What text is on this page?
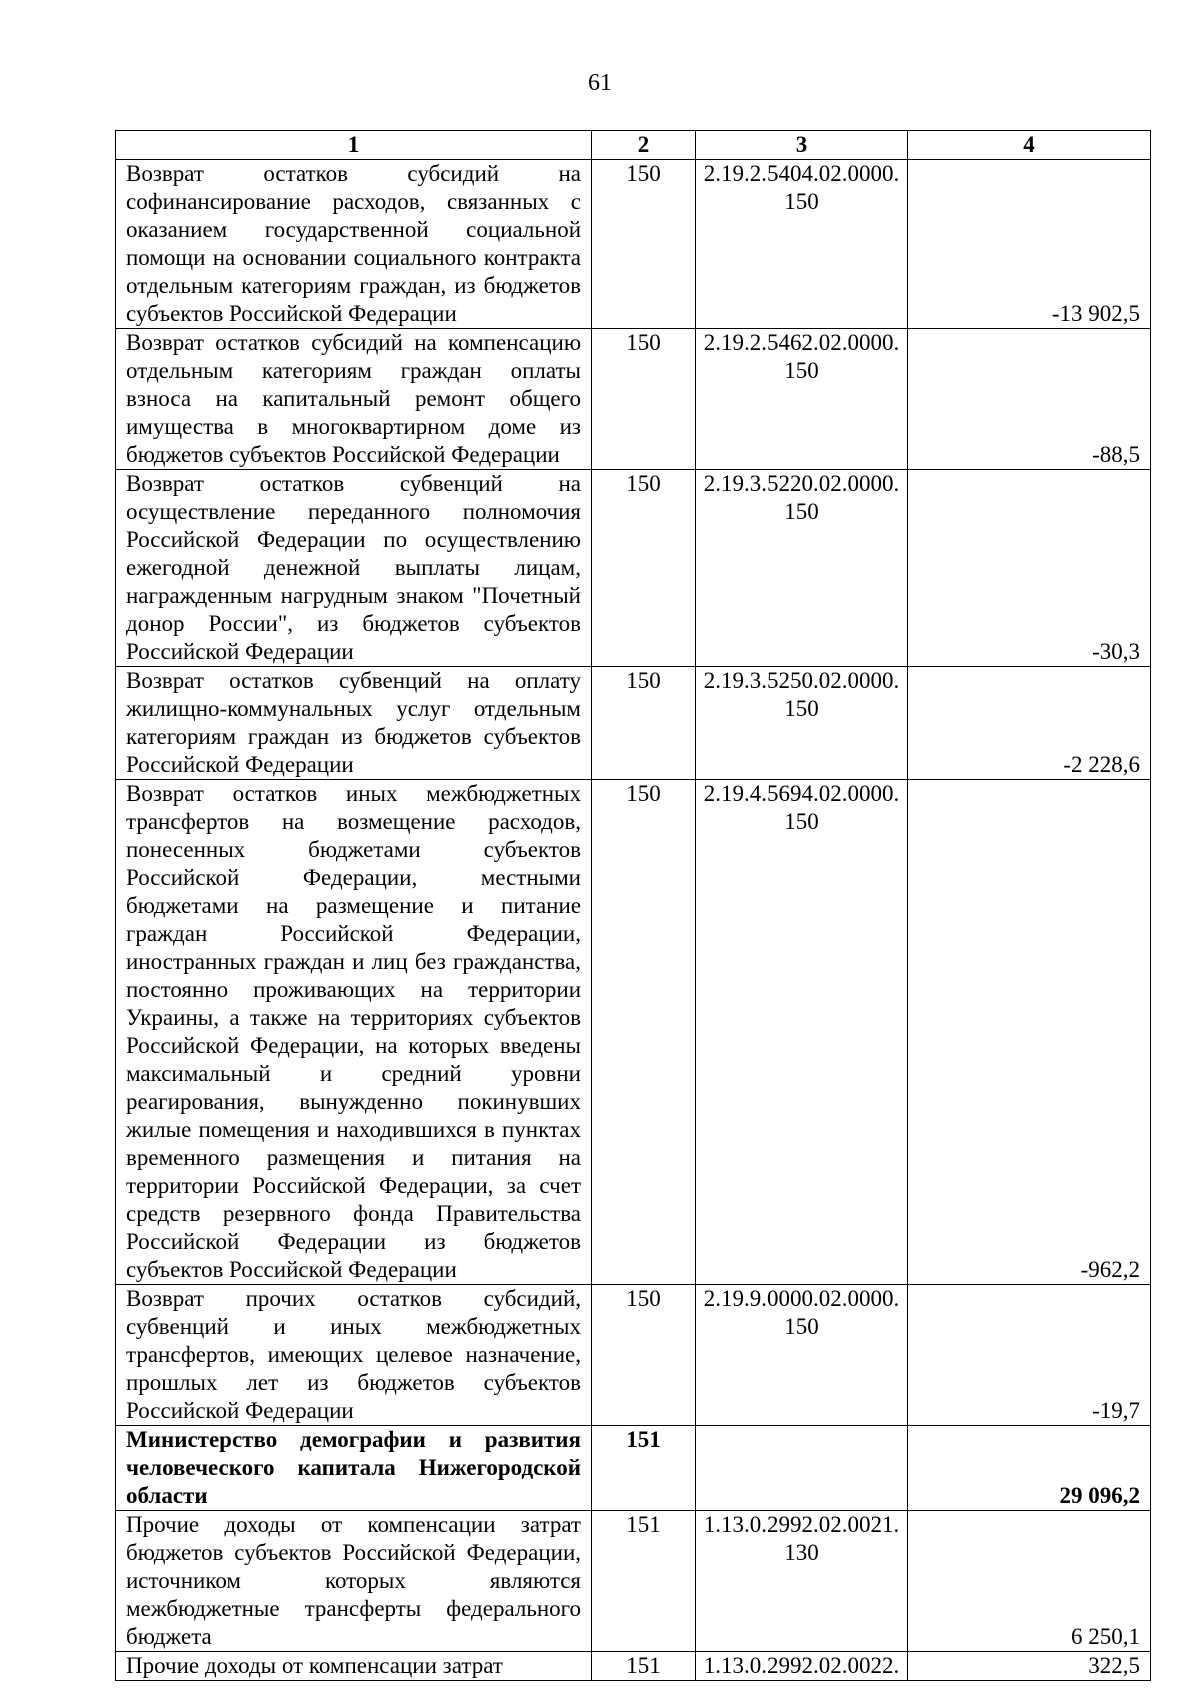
61
1	2	3	4
Возврат остатков субсидий на софинансирование расходов, связанных с оказанием государственной социальной помощи на основании социального контракта отдельным категориям граждан, из бюджетов субъектов Российской Федерации	150	2.19.2.5404.02.0000. 150	-13 902,5
Возврат остатков субсидий на компенсацию отдельным категориям граждан оплаты взноса на капитальный ремонт общего имущества в многоквартирном доме из бюджетов субъектов Российской Федерации	150	2.19.2.5462.02.0000. 150	-88,5
Возврат остатков субвенций на осуществление переданного полномочия Российской Федерации по осуществлению ежегодной денежной выплаты лицам, награжденным нагрудным знаком "Почетный донор России", из бюджетов субъектов Российской Федерации	150	2.19.3.5220.02.0000. 150	-30,3
Возврат остатков субвенций на оплату жилищно-коммунальных услуг отдельным категориям граждан из бюджетов субъектов Российской Федерации	150	2.19.3.5250.02.0000. 150	-2 228,6
Возврат остатков иных межбюджетных трансфертов на возмещение расходов, понесенных бюджетами субъектов Российской Федерации, местными бюджетами на размещение и питание граждан Российской Федерации, иностранных граждан и лиц без гражданства, постоянно проживающих на территории Украины, а также на территориях субъектов Российской Федерации, на которых введены максимальный и средний уровни реагирования, вынужденно покинувших жилые помещения и находившихся в пунктах временного размещения и питания на территории Российской Федерации, за счет средств резервного фонда Правительства Российской Федерации из бюджетов субъектов Российской Федерации	150	2.19.4.5694.02.0000. 150	-962,2
Возврат прочих остатков субсидий, субвенций и иных межбюджетных трансфертов, имеющих целевое назначение, прошлых лет из бюджетов субъектов Российской Федерации	150	2.19.9.0000.02.0000. 150	-19,7
Министерство демографии и развития человеческого капитала Нижегородской области	151		29 096,2
Прочие доходы от компенсации затрат бюджетов субъектов Российской Федерации, источником которых являются межбюджетные трансферты федерального бюджета	151	1.13.0.2992.02.0021. 130	6 250,1
Прочие доходы от компенсации затрат	151	1.13.0.2992.02.0022.	322,5
